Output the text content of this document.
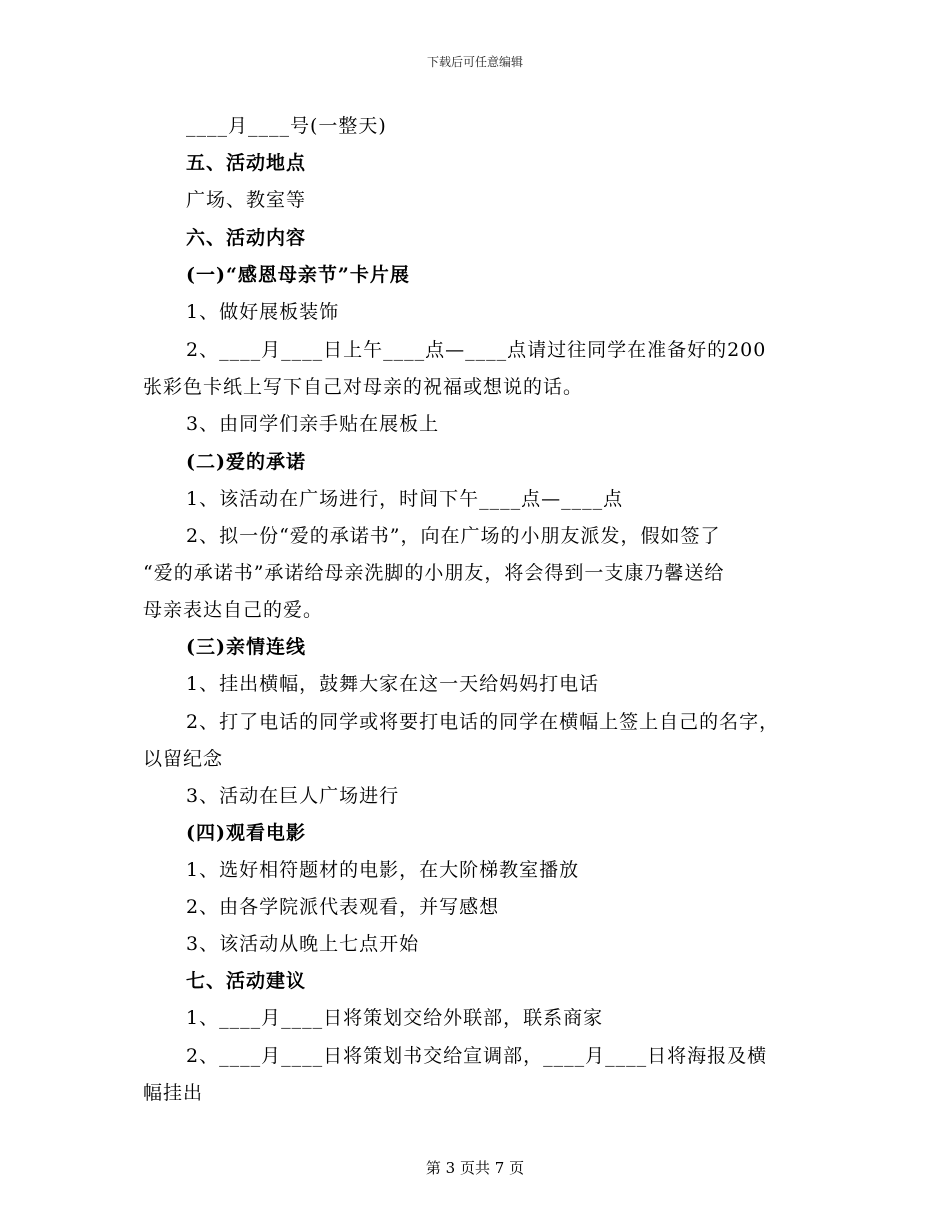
下载后可任意编辑
____月____号(一整天)
五、活动地点
广场、教室等
六、活动内容
(一)“感恩母亲节”卡片展
1、做好展板装饰
2、____月____日上午____点—____点请过往同学在准备好的200
张彩色卡纸上写下自己对母亲的祝福或想说的话。
3、由同学们亲手贴在展板上
(二)爱的承诺
1、该活动在广场进行，时间下午____点—____点
2、拟一份“爱的承诺书”，向在广场的小朋友派发，假如签了
“爱的承诺书”承诺给母亲洗脚的小朋友，将会得到一支康乃馨送给
母亲表达自己的爱。
(三)亲情连线
1、挂出横幅，鼓舞大家在这一天给妈妈打电话
2、打了电话的同学或将要打电话的同学在横幅上签上自己的名字，
以留纪念
3、活动在巨人广场进行
(四)观看电影
1、选好相符题材的电影，在大阶梯教室播放
2、由各学院派代表观看，并写感想
3、该活动从晚上七点开始
七、活动建议
1、____月____日将策划交给外联部，联系商家
2、____月____日将策划书交给宣调部，____月____日将海报及横
幅挂出
第 3 页共 7 页
